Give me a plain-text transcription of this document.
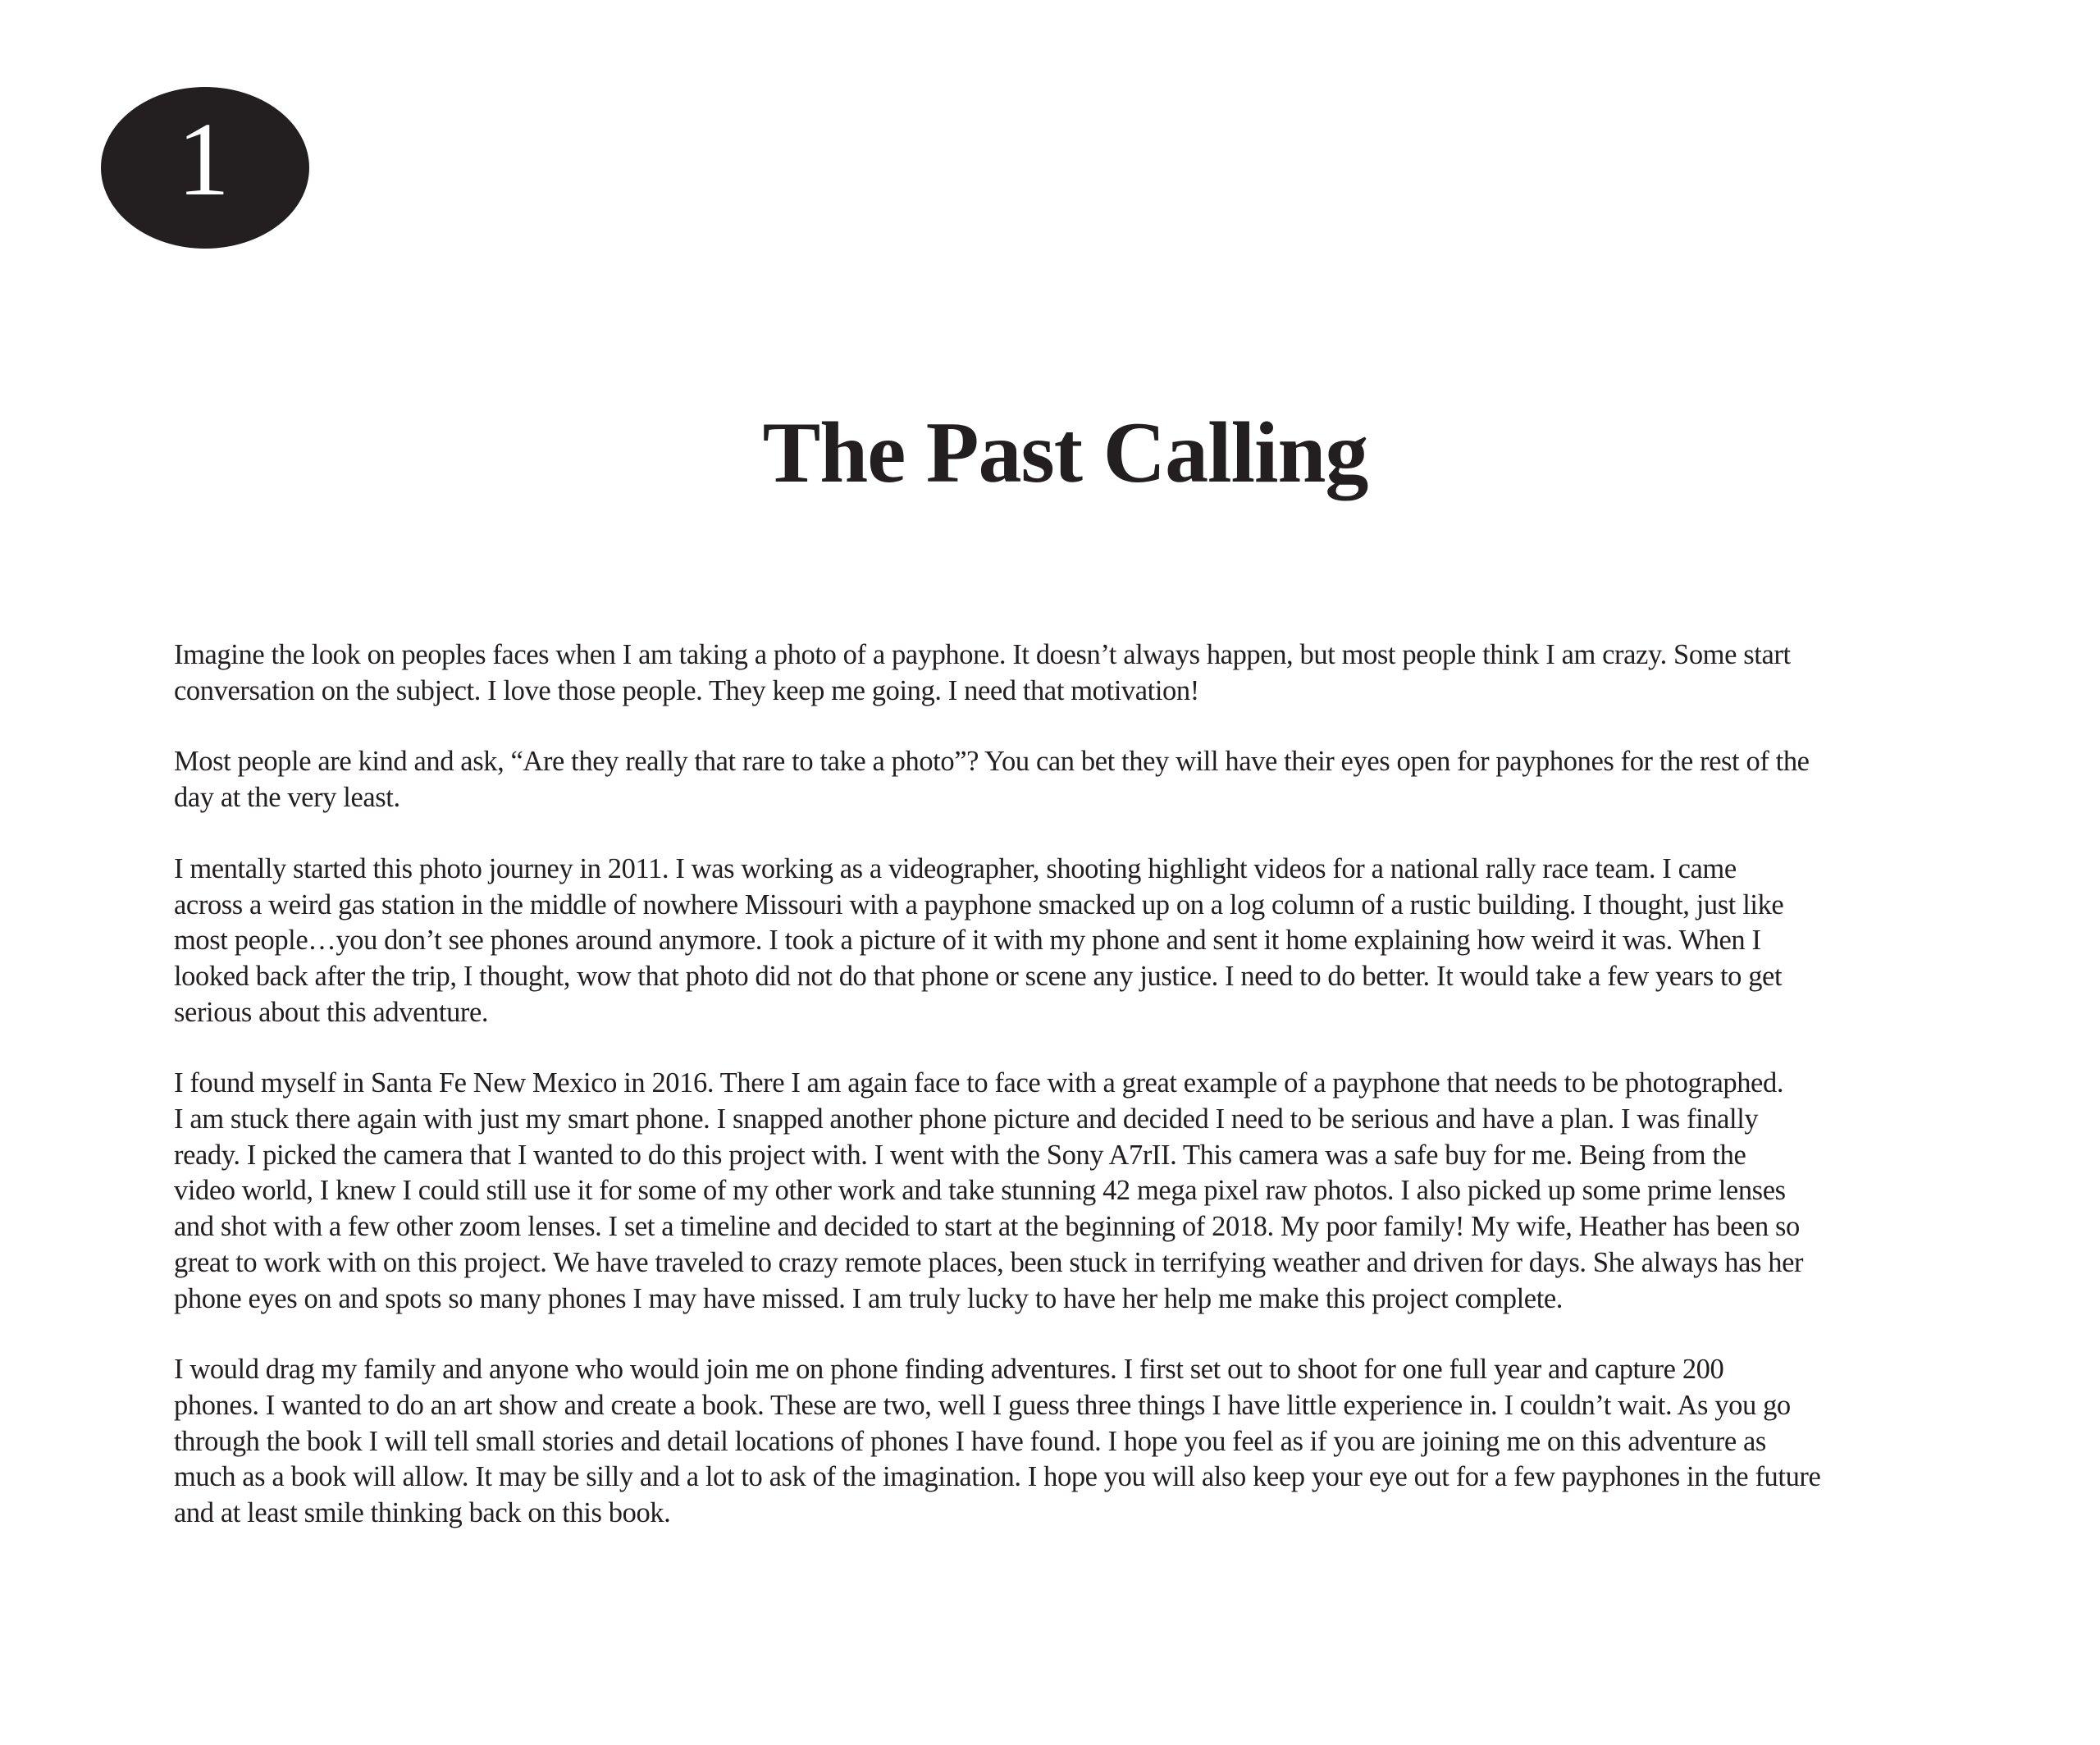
1
The Past Calling

Imagine the look on peoples faces when I am taking a photo of a payphone. It doesn’t always happen, but most people think I am crazy. Some start
conversation on the subject. I love those people. They keep me going. I need that motivation!

Most people are kind and ask, “Are they really that rare to take a photo”? You can bet they will have their eyes open for payphones for the rest of the
day at the very least.

I mentally started this photo journey in 2011. I was working as a videographer, shooting highlight videos for a national rally race team. I came
across a weird gas station in the middle of nowhere Missouri with a payphone smacked up on a log column of a rustic building. I thought, just like
most people…you don’t see phones around anymore. I took a picture of it with my phone and sent it home explaining how weird it was. When I
looked back after the trip, I thought, wow that photo did not do that phone or scene any justice. I need to do better. It would take a few years to get
serious about this adventure.

I found myself in Santa Fe New Mexico in 2016. There I am again face to face with a great example of a payphone that needs to be photographed.
I am stuck there again with just my smart phone. I snapped another phone picture and decided I need to be serious and have a plan. I was finally
ready. I picked the camera that I wanted to do this project with. I went with the Sony A7rII. This camera was a safe buy for me. Being from the
video world, I knew I could still use it for some of my other work and take stunning 42 mega pixel raw photos. I also picked up some prime lenses
and shot with a few other zoom lenses. I set a timeline and decided to start at the beginning of 2018. My poor family! My wife, Heather has been so
great to work with on this project. We have traveled to crazy remote places, been stuck in terrifying weather and driven for days. She always has her
phone eyes on and spots so many phones I may have missed. I am truly lucky to have her help me make this project complete.

I would drag my family and anyone who would join me on phone finding adventures. I first set out to shoot for one full year and capture 200
phones. I wanted to do an art show and create a book. These are two, well I guess three things I have little experience in. I couldn’t wait. As you go
through the book I will tell small stories and detail locations of phones I have found. I hope you feel as if you are joining me on this adventure as
much as a book will allow. It may be silly and a lot to ask of the imagination. I hope you will also keep your eye out for a few payphones in the future
and at least smile thinking back on this book.
